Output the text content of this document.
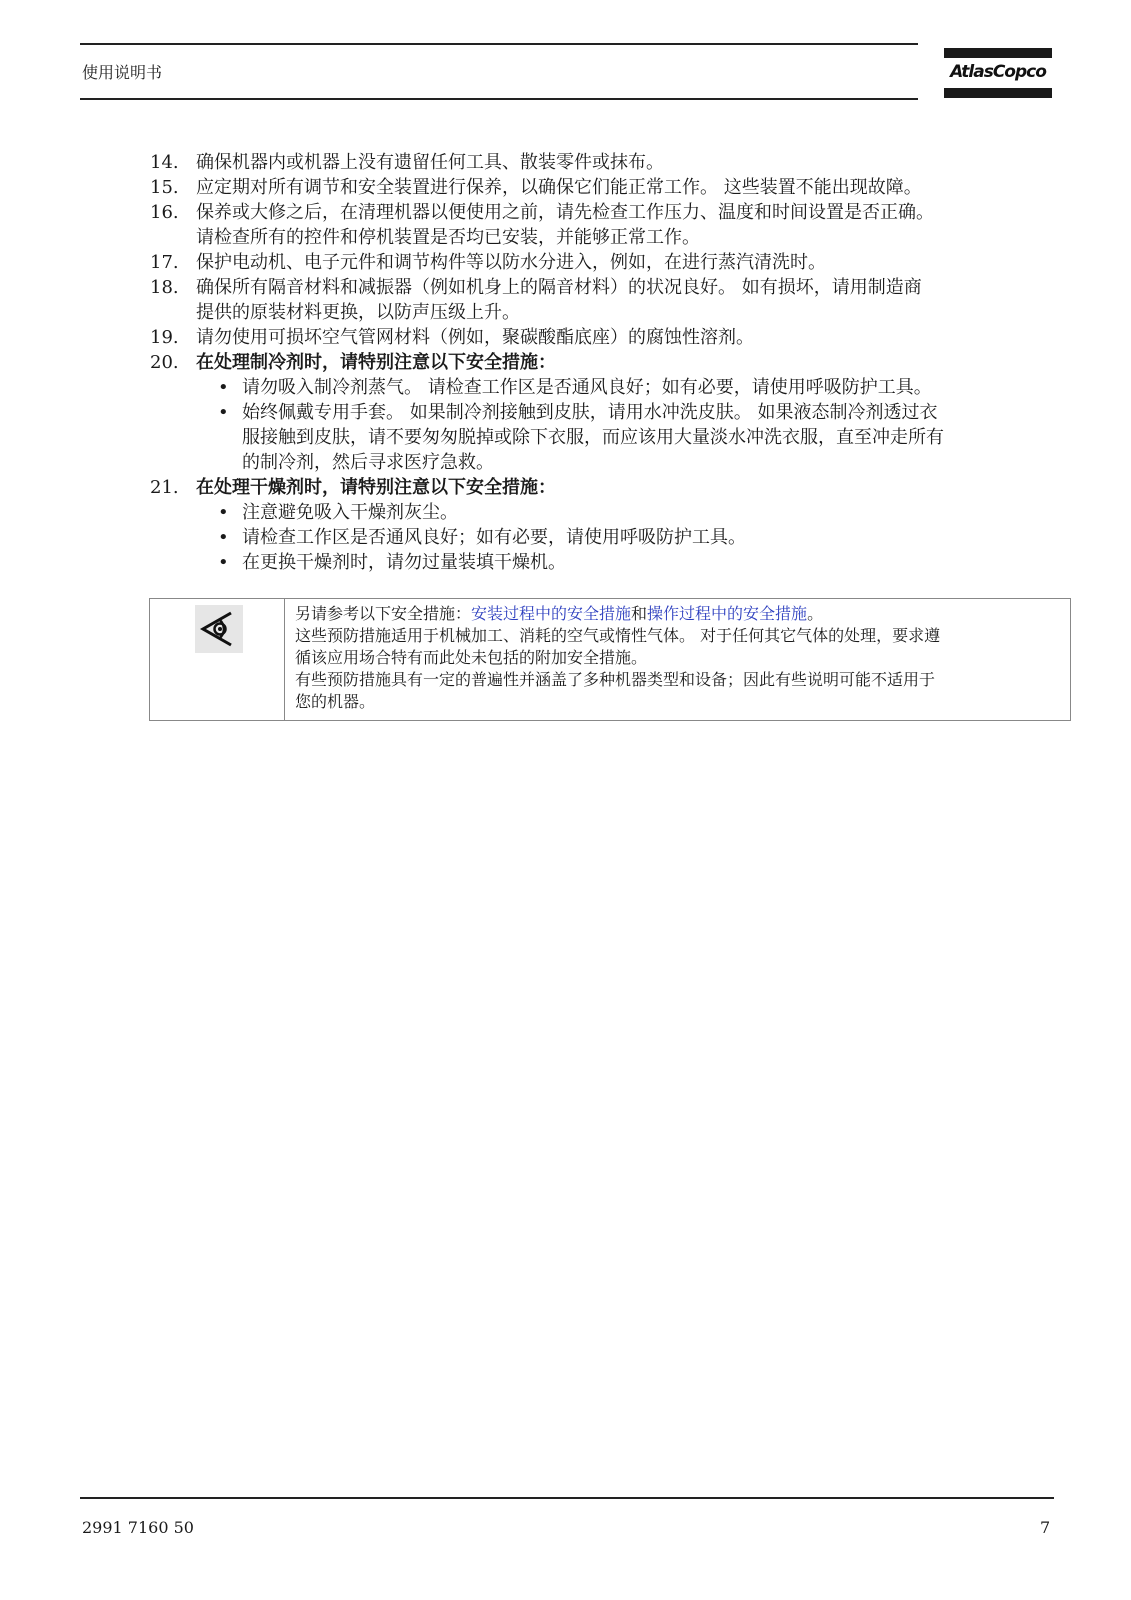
使用说明书	AtlasCopco
14. 确保机器内或机器上没有遗留任何工具、散装零件或抹布。
15. 应定期对所有调节和安全装置进行保养，以确保它们能正常工作。 这些装置不能出现故障。
16. 保养或大修之后，在清理机器以便使用之前，请先检查工作压力、温度和时间设置是否正确。
请检查所有的控件和停机装置是否均已安装，并能够正常工作。
17. 保护电动机、电子元件和调节构件等以防水分进入，例如，在进行蒸汽清洗时。
18. 确保所有隔音材料和减振器（例如机身上的隔音材料）的状况良好。 如有损坏，请用制造商
提供的原装材料更换，以防声压级上升。
19. 请勿使用可损坏空气管网材料（例如，聚碳酸酯底座）的腐蚀性溶剂。
20. 在处理制冷剂时，请特别注意以下安全措施：
• 请勿吸入制冷剂蒸气。 请检查工作区是否通风良好；如有必要，请使用呼吸防护工具。
• 始终佩戴专用手套。 如果制冷剂接触到皮肤，请用水冲洗皮肤。 如果液态制冷剂透过衣
服接触到皮肤，请不要匆匆脱掉或除下衣服，而应该用大量淡水冲洗衣服，直至冲走所有
的制冷剂，然后寻求医疗急救。
21. 在处理干燥剂时，请特别注意以下安全措施：
• 注意避免吸入干燥剂灰尘。
• 请检查工作区是否通风良好；如有必要，请使用呼吸防护工具。
• 在更换干燥剂时，请勿过量装填干燥机。
另请参考以下安全措施：安装过程中的安全措施和操作过程中的安全措施。
这些预防措施适用于机械加工、消耗的空气或惰性气体。 对于任何其它气体的处理，要求遵
循该应用场合特有而此处未包括的附加安全措施。
有些预防措施具有一定的普遍性并涵盖了多种机器类型和设备；因此有些说明可能不适用于
您的机器。
2991 7160 50	7
